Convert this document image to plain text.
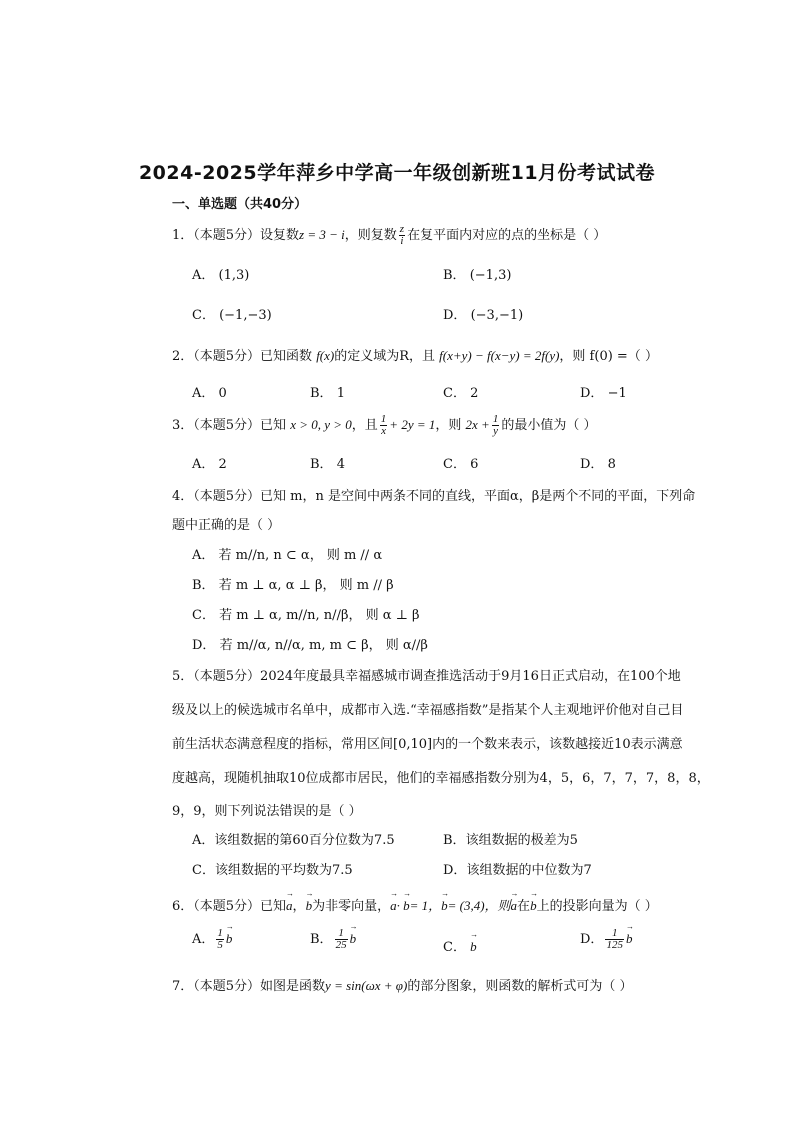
2024-2025学年萍乡中学高一年级创新班11月份考试试卷
一、单选题（共40分）
1．（本题5分）设复数z = 3 − i，则复数 $\frac{z}{i}$ 在复平面内对应的点的坐标是（ ）
A． (1,3)	B． (−1,3)
C． (−1,−3)	D． (−3,−1)
2．（本题5分）已知函数 f(x)的定义域为R，且 f(x+y) − f(x−y) = 2f(y)，则 f(0) =（ ）
A． 0	B． 1	C． 2	D． −1
3．（本题5分）已知 x > 0, y > 0，且 $\frac{1}{x} + 2y = 1$，则 $2x + \frac{1}{y}$ 的最小值为（ ）
A． 2	B． 4	C． 6	D． 8
4．（本题5分）已知 m，n 是空间中两条不同的直线，平面α，β是两个不同的平面，下列命
题中正确的是（ ）
A． 若 m//n, n ⊂ α， 则 m // α
B． 若 m ⊥ α, α ⊥ β， 则 m // β
C． 若 m ⊥ α, m//n, n//β， 则 α ⊥ β
D． 若 m//α, n//α, m, m ⊂ β， 则 α//β
5．（本题5分）2024年度最具幸福感城市调查推选活动于9月16日正式启动，在100个地
级及以上的候选城市名单中，成都市入选.“幸福感指数”是指某个人主观地评价他对自己目
前生活状态满意程度的指标，常用区间[0,10]内的一个数来表示，该数越接近10表示满意
度越高，现随机抽取10位成都市居民，他们的幸福感指数分别为4，5，6，7，7，7，8，8，
9，9，则下列说法错误的是（ ）
A．该组数据的第60百分位数为7.5	B．该组数据的极差为5
C．该组数据的平均数为7.5	D．该组数据的中位数为7
6．（本题5分）已知→ a，→ b为非零向量，→ a· → b= 1，→ b= (3,4)，则→ a在→ b上的投影向量为（ ）
A． $\frac{1}{5}$
→ b	B． $\frac{1}{25}$
→ b
C． → b	D． $\frac{1}{125}$
→ b
7．（本题5分）如图是函数y = sin(ωx + φ)的部分图象，则函数的解析式可为（ ）
